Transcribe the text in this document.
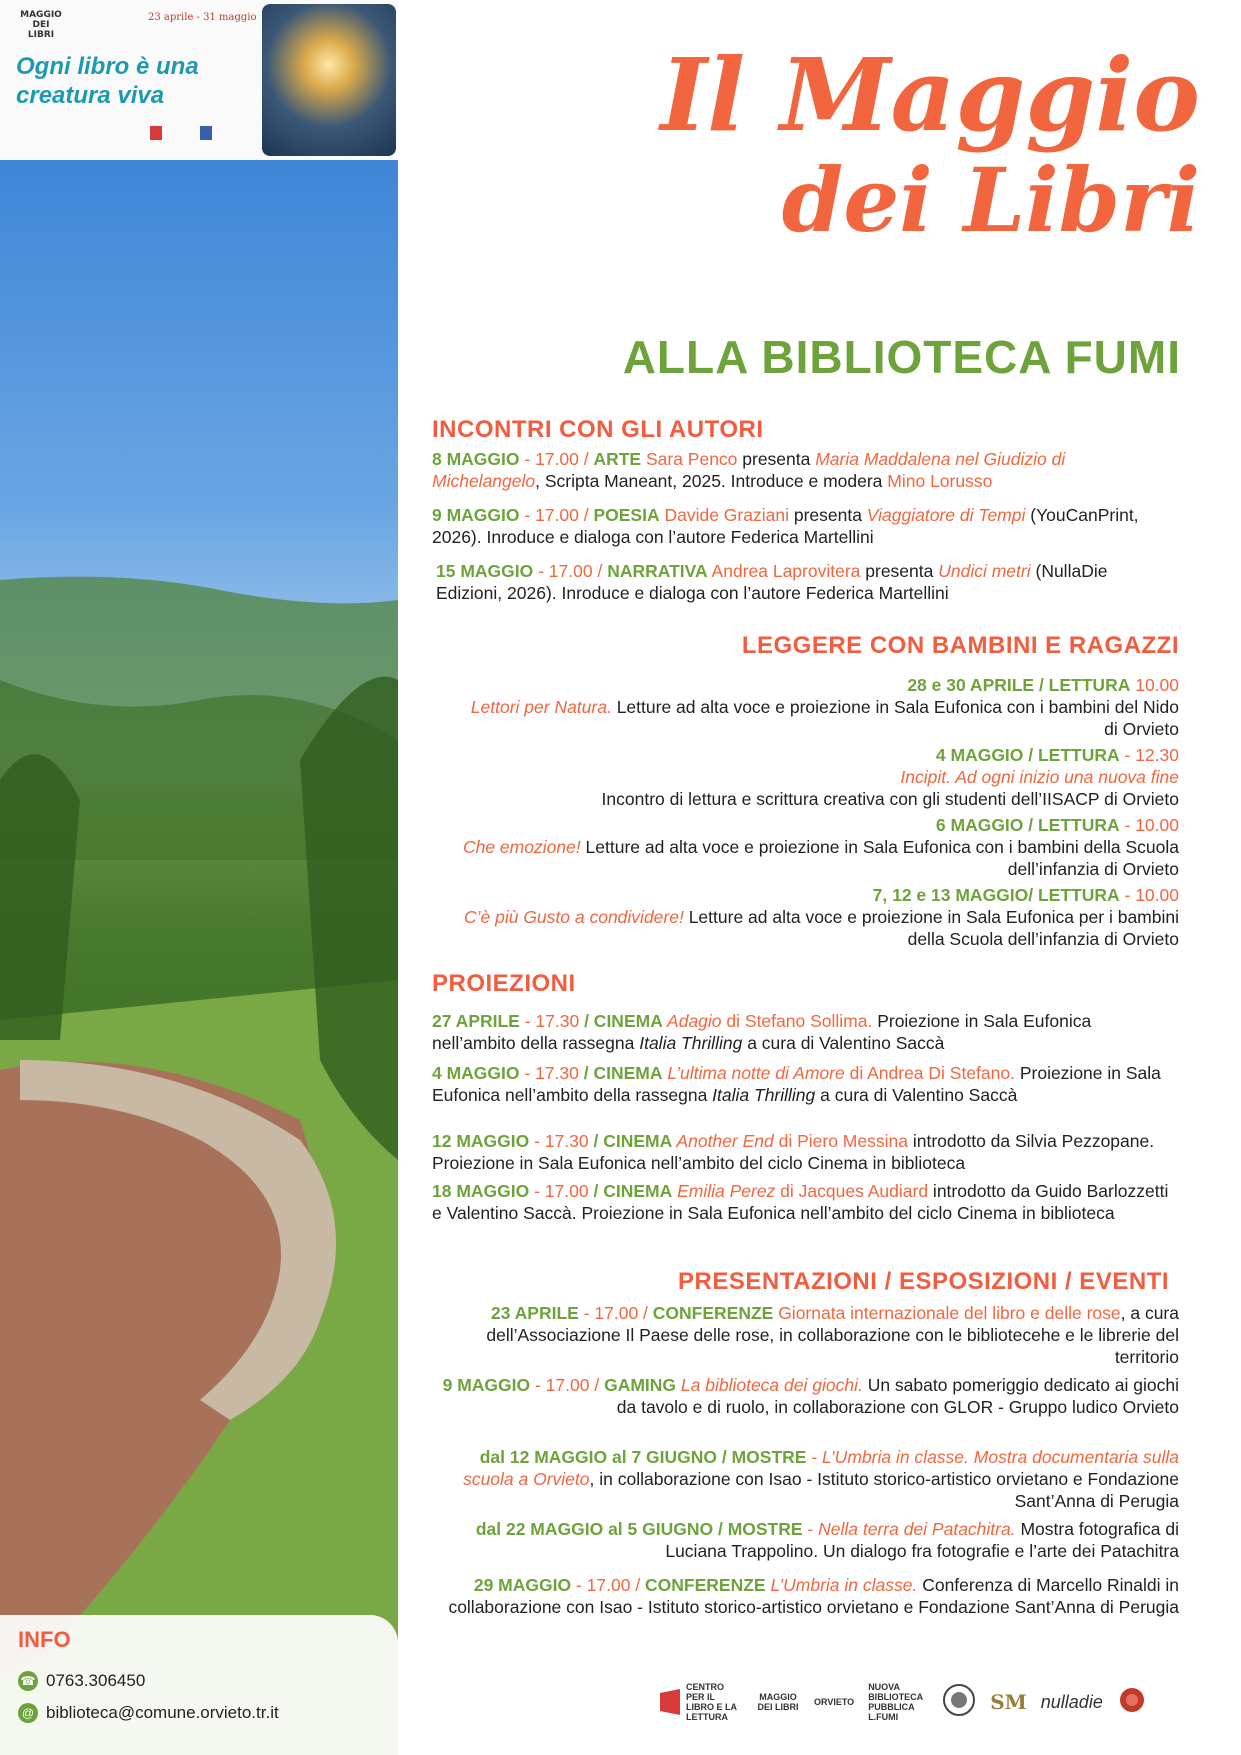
MAGGIO DEI LIBRI
23 aprile - 31 maggio
Ogni libro è una creatura viva
INFO
☎ 0763.306450
@ biblioteca@comune.orvieto.tr.it
Il Maggio
dei Libri
ALLA BIBLIOTECA FUMI
INCONTRI CON GLI AUTORI
8 MAGGIO - 17.00 / ARTE Sara Penco presenta Maria Maddalena nel Giudizio di Michelangelo, Scripta Maneant, 2025. Introduce e modera Mino Lorusso
9 MAGGIO - 17.00 / POESIA Davide Graziani presenta Viaggiatore di Tempi (YouCanPrint, 2026). Inroduce e dialoga con l’autore Federica Martellini
15 MAGGIO - 17.00 / NARRATIVA Andrea Laprovitera presenta Undici metri (NullaDie Edizioni, 2026). Inroduce e dialoga con l’autore Federica Martellini
LEGGERE CON BAMBINI E RAGAZZI
28 e 30 APRILE / LETTURA 10.00
Lettori per Natura. Letture ad alta voce e proiezione in Sala Eufonica con i bambini del Nido di Orvieto
4 MAGGIO / LETTURA - 12.30
Incipit. Ad ogni inizio una nuova fine
Incontro di lettura e scrittura creativa con gli studenti dell’IISACP di Orvieto
6 MAGGIO / LETTURA - 10.00
Che emozione! Letture ad alta voce e proiezione in Sala Eufonica con i bambini della Scuola dell’infanzia di Orvieto
7, 12 e 13 MAGGIO/ LETTURA - 10.00
C’è più Gusto a condividere! Letture ad alta voce e proiezione in Sala Eufonica per i bambini della Scuola dell’infanzia di Orvieto
PROIEZIONI
27 APRILE - 17.30 / CINEMA Adagio di Stefano Sollima. Proiezione in Sala Eufonica nell’ambito della rassegna Italia Thrilling a cura di Valentino Saccà
4 MAGGIO - 17.30 / CINEMA L’ultima notte di Amore di Andrea Di Stefano. Proiezione in Sala Eufonica nell’ambito della rassegna Italia Thrilling a cura di Valentino Saccà
12 MAGGIO - 17.30 / CINEMA Another End di Piero Messina introdotto da Silvia Pezzopane. Proiezione in Sala Eufonica nell’ambito del ciclo Cinema in biblioteca
18 MAGGIO - 17.00 / CINEMA Emilia Perez di Jacques Audiard introdotto da Guido Barlozzetti e Valentino Saccà. Proiezione in Sala Eufonica nell’ambito del ciclo Cinema in biblioteca
PRESENTAZIONI / ESPOSIZIONI / EVENTI
23 APRILE - 17.00 / CONFERENZE Giornata internazionale del libro e delle rose, a cura dell’Associazione Il Paese delle rose, in collaborazione con le bibliotecehe e le librerie del territorio
9 MAGGIO - 17.00 / GAMING La biblioteca dei giochi. Un sabato pomeriggio dedicato ai giochi da tavolo e di ruolo, in collaborazione con GLOR - Gruppo ludico Orvieto
dal 12 MAGGIO al 7 GIUGNO / MOSTRE - L’Umbria in classe. Mostra documentaria sulla scuola a Orvieto, in collaborazione con Isao - Istituto storico-artistico orvietano e Fondazione Sant’Anna di Perugia
dal 22 MAGGIO al 5 GIUGNO / MOSTRE - Nella terra dei Patachitra. Mostra fotografica di Luciana Trappolino. Un dialogo fra fotografie e l’arte dei Patachitra
29 MAGGIO - 17.00 / CONFERENZE L’Umbria in classe. Conferenza di Marcello Rinaldi in collaborazione con Isao - Istituto storico-artistico orvietano e Fondazione Sant’Anna di Perugia
CENTRO PER IL LIBRO E LA LETTURA
MAGGIO DEI LIBRI ORVIETO
NUOVA BIBLIOTECA PUBBLICA L.FUMI
SM nulladie
